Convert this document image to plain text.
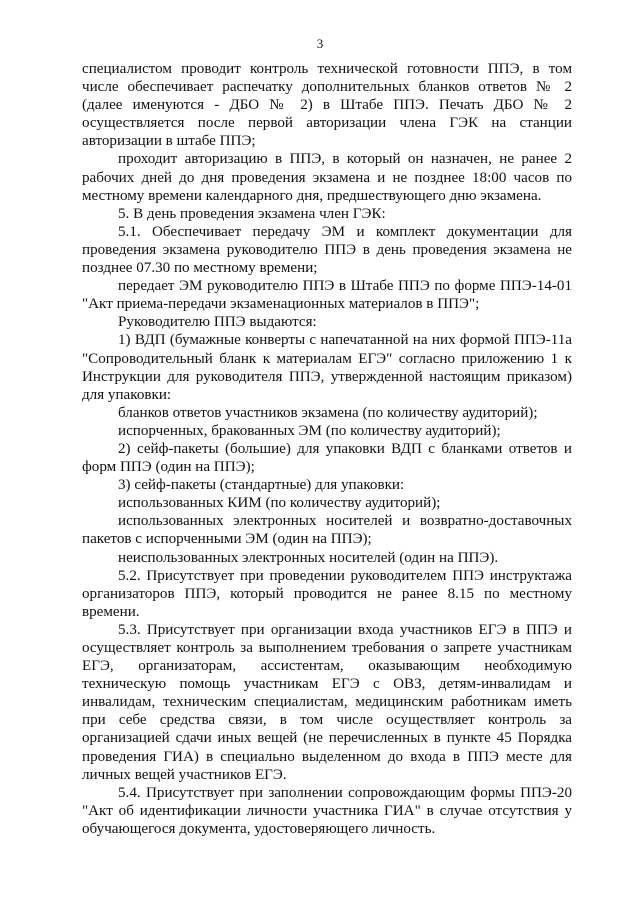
3

специалистом проводит контроль технической готовности ППЭ, в том числе обеспечивает распечатку дополнительных бланков ответов № 2 (далее именуются - ДБО № 2) в Штабе ППЭ. Печать ДБО № 2 осуществляется после первой авторизации члена ГЭК на станции авторизации в штабе ППЭ;

проходит авторизацию в ППЭ, в который он назначен, не ранее 2 рабочих дней до дня проведения экзамена и не позднее 18:00 часов по местному времени календарного дня, предшествующего дню экзамена.

5. В день проведения экзамена член ГЭК:

5.1. Обеспечивает передачу ЭМ и комплект документации для проведения экзамена руководителю ППЭ в день проведения экзамена не позднее 07.30 по местному времени;

передает ЭМ руководителю ППЭ в Штабе ППЭ по форме ППЭ-14-01 "Акт приема-передачи экзаменационных материалов в ППЭ";

Руководителю ППЭ выдаются:

1) ВДП (бумажные конверты с напечатанной на них формой ППЭ-11а "Сопроводительный бланк к материалам ЕГЭ" согласно приложению 1 к Инструкции для руководителя ППЭ, утвержденной настоящим приказом) для упаковки:

бланков ответов участников экзамена (по количеству аудиторий);

испорченных, бракованных ЭМ (по количеству аудиторий);

2) сейф-пакеты (большие) для упаковки ВДП с бланками ответов и форм ППЭ (один на ППЭ);

3) сейф-пакеты (стандартные) для упаковки:

использованных КИМ (по количеству аудиторий);

использованных электронных носителей и возвратно-доставочных пакетов с испорченными ЭМ (один на ППЭ);

неиспользованных электронных носителей (один на ППЭ).

5.2. Присутствует при проведении руководителем ППЭ инструктажа организаторов ППЭ, который проводится не ранее 8.15 по местному времени.

5.3. Присутствует при организации входа участников ЕГЭ в ППЭ и осуществляет контроль за выполнением требования о запрете участникам ЕГЭ, организаторам, ассистентам, оказывающим необходимую техническую помощь участникам ЕГЭ с ОВЗ, детям-инвалидам и инвалидам, техническим специалистам, медицинским работникам иметь при себе средства связи, в том числе осуществляет контроль за организацией сдачи иных вещей (не перечисленных в пункте 45 Порядка проведения ГИА) в специально выделенном до входа в ППЭ месте для личных вещей участников ЕГЭ.

5.4. Присутствует при заполнении сопровождающим формы ППЭ-20 "Акт об идентификации личности участника ГИА" в случае отсутствия у обучающегося документа, удостоверяющего личность.
